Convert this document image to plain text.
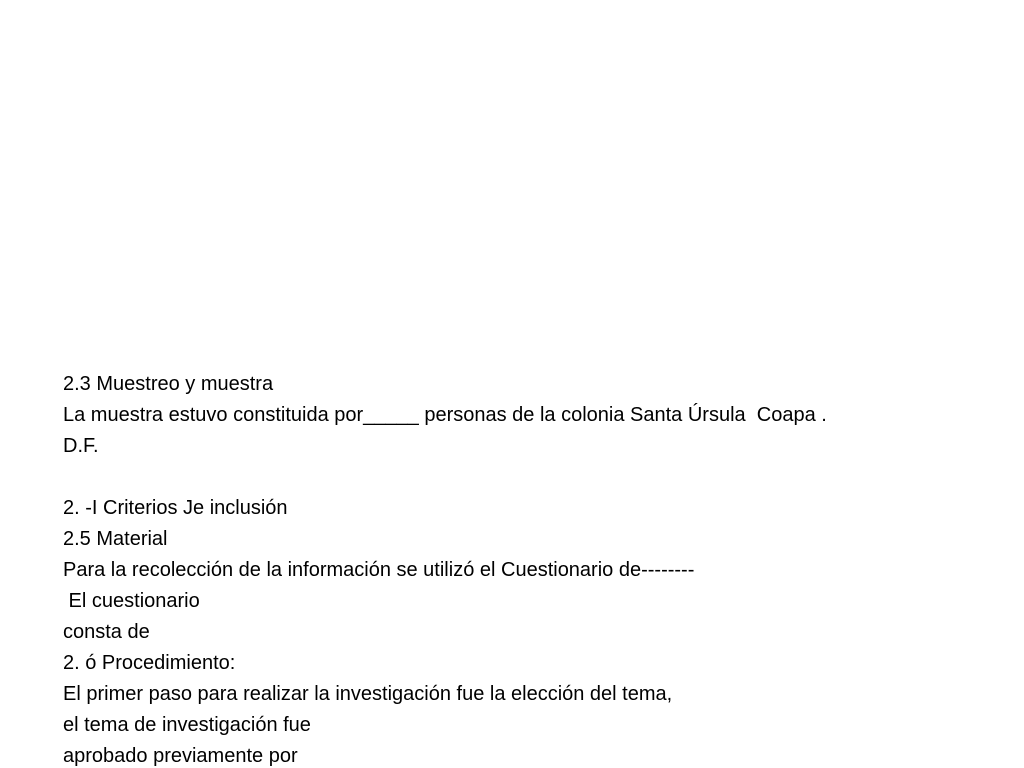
2.3 Muestreo y muestra
La muestra estuvo constituida por_____ personas de la colonia Santa Úrsula  Coapa .
D.F.
2. -I Criterios Je inclusión
2.5 Material
Para la recolección de la información se utilizó el Cuestionario de--------
El cuestionario
consta de
2. ó Procedimiento:
El primer paso para realizar la investigación fue la elección del tema,
el tema de investigación fue
aprobado previamente por
